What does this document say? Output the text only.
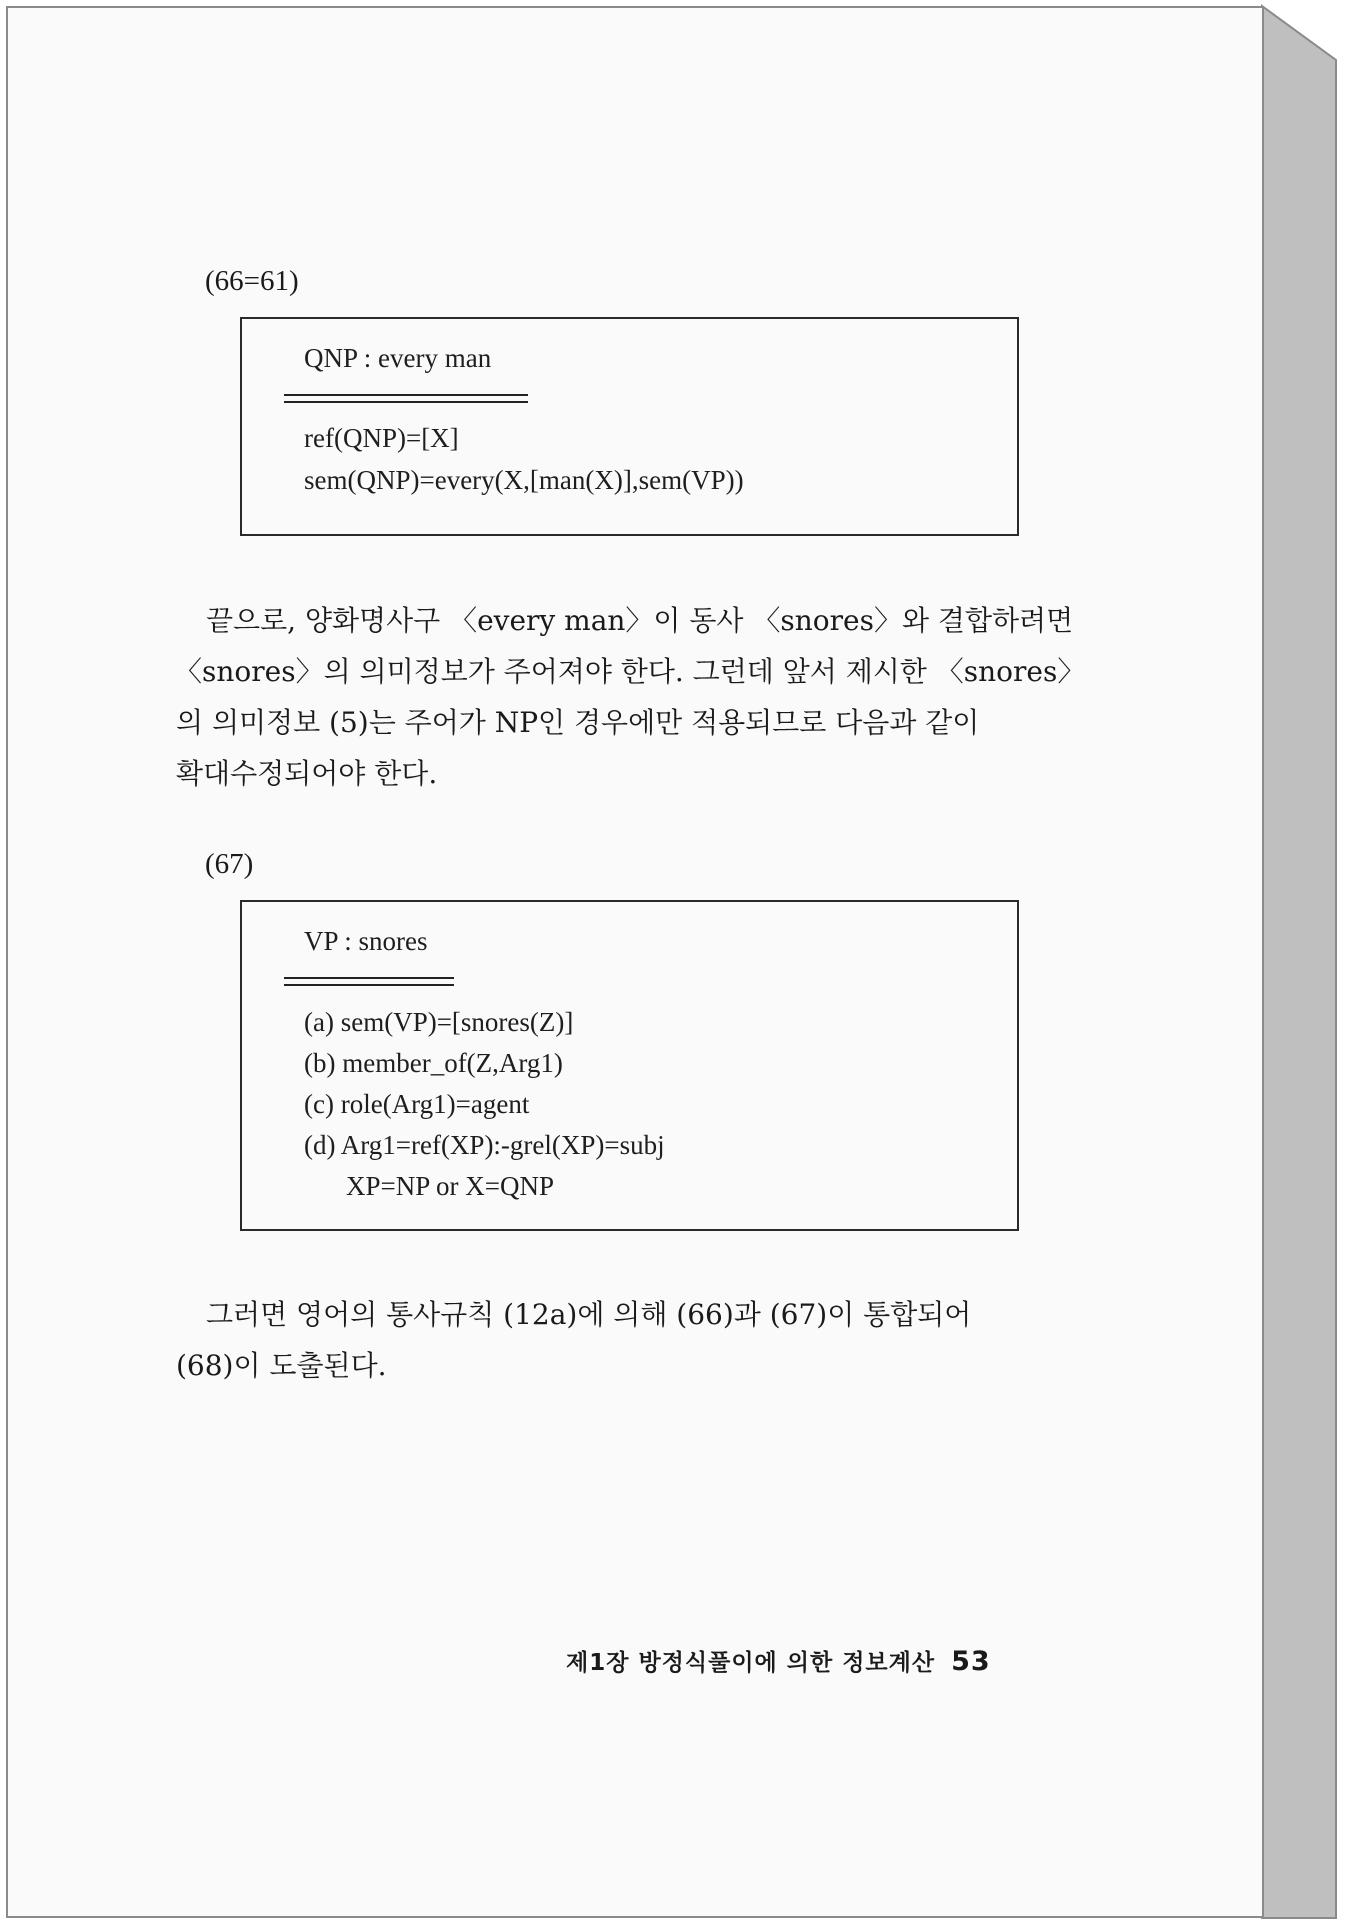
(66=61)
QNP : every man
ref(QNP)=[X]
sem(QNP)=every(X,[man(X)],sem(VP))
끝으로, 양화명사구 〈every man〉이 동사 〈snores〉와 결합하려면
〈snores〉의 의미정보가 주어져야 한다. 그런데 앞서 제시한 〈snores〉
의 의미정보 (5)는 주어가 NP인 경우에만 적용되므로 다음과 같이
확대수정되어야 한다.
(67)
VP : snores
(a) sem(VP)=[snores(Z)]
(b) member_of(Z,Arg1)
(c) role(Arg1)=agent
(d) Arg1=ref(XP):-grel(XP)=subj
XP=NP or X=QNP
그러면 영어의 통사규칙 (12a)에 의해 (66)과 (67)이 통합되어
(68)이 도출된다.
제1장 방정식풀이에 의한 정보계산 53
